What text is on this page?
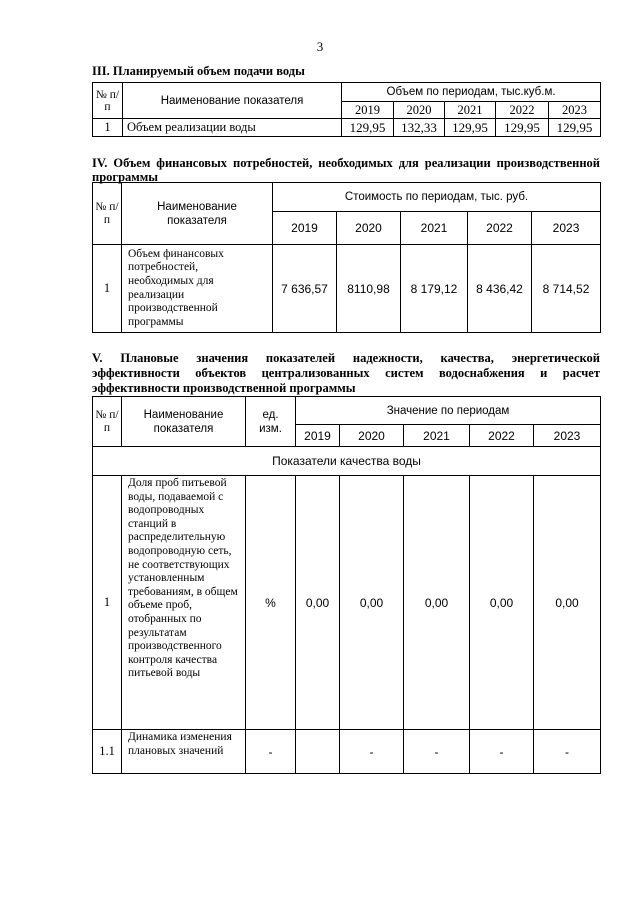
3
III. Планируемый объем подачи воды
№ п/п	Наименование показателя	Объем по периодам, тыс.куб.м.				
		2019	2020	2021	2022	2023
1	Объем реализации воды	129,95	132,33	129,95	129,95	129,95
IV. Объем финансовых потребностей, необходимых для реализации производственной программы
№ п/п	Наименование показателя	Стоимость по периодам, тыс. руб.				
		2019	2020	2021	2022	2023
1	Объем финансовых потребностей, необходимых для реализации производственной программы	7 636,57	8110,98	8 179,12	8 436,42	8 714,52
V. Плановые значения показателей надежности, качества, энергетической эффективности объектов централизованных систем водоснабжения и расчет эффективности производственной программы
№ п/п	Наименование показателя	ед. изм.	Значение по периодам				
			2019	2020	2021	2022	2023
Показатели качества воды							
1	Доля проб питьевой воды, подаваемой с водопроводных станций в распределительную водопроводную сеть, не соответствующих установленным требованиям, в общем объеме проб, отобранных по результатам производственного контроля качества питьевой воды	%	0,00	0,00	0,00	0,00	0,00
1.1	Динамика изменения плановых значений	-		-	-	-	-
